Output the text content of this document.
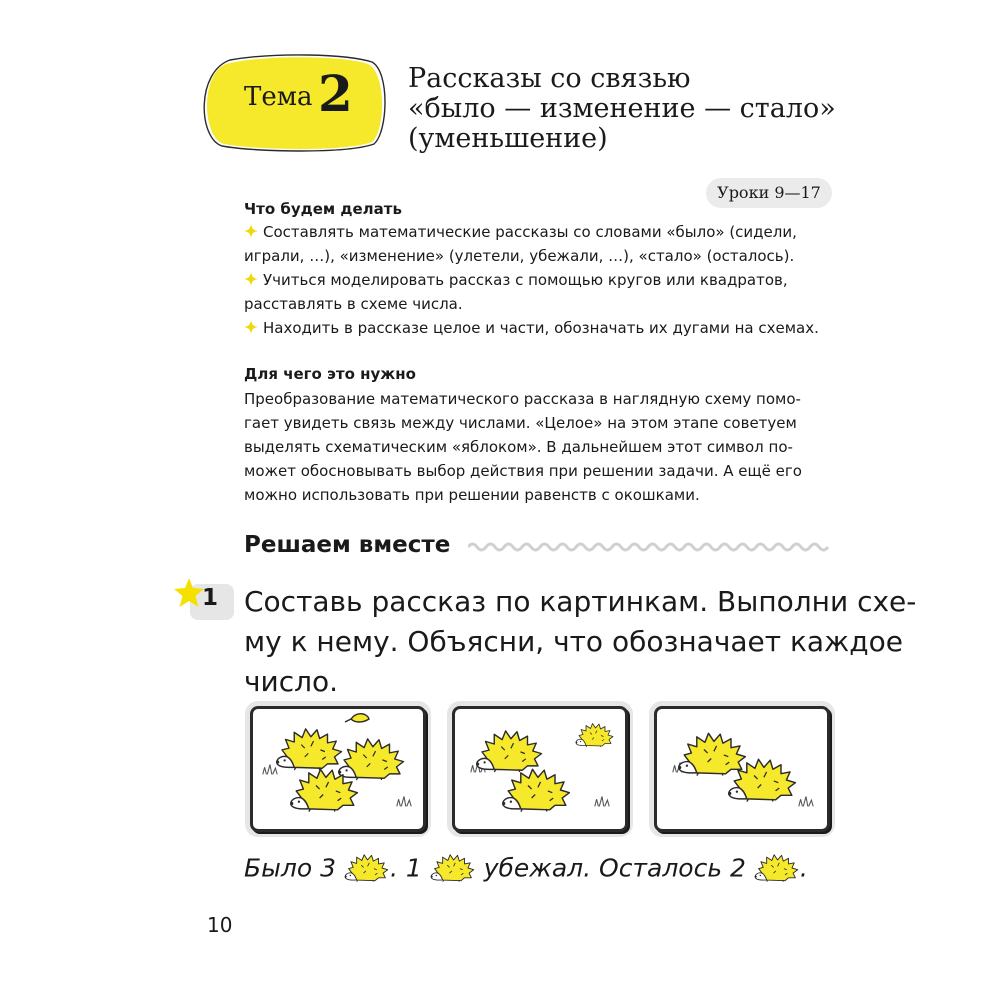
Тема 2 Рассказы со связью
«было — изменение — стало»
(уменьшение)
Уроки 9—17
Что будем делать
Составлять математические рассказы со словами «было» (сидели,
играли, …), «изменение» (улетели, убежали, …), «стало» (осталось).
Учиться моделировать рассказ с помощью кругов или квадратов,
расставлять в схеме числа.
Находить в рассказе целое и части, обозначать их дугами на схемах.
Для чего это нужно
Преобразование математического рассказа в наглядную схему помо-
гает увидеть связь между числами. «Целое» на этом этапе советуем
выделять схематическим «яблоком». В дальнейшем этот символ по-
может обосновывать выбор действия при решении задачи. А ещё его
можно использовать при решении равенств с окошками.
Решаем вместе
1 Составь рассказ по картинкам. Выполни схе-
му к нему. Объясни, что обозначает каждое
число.
Было 3 . 1 убежал. Осталось 2 .
10
